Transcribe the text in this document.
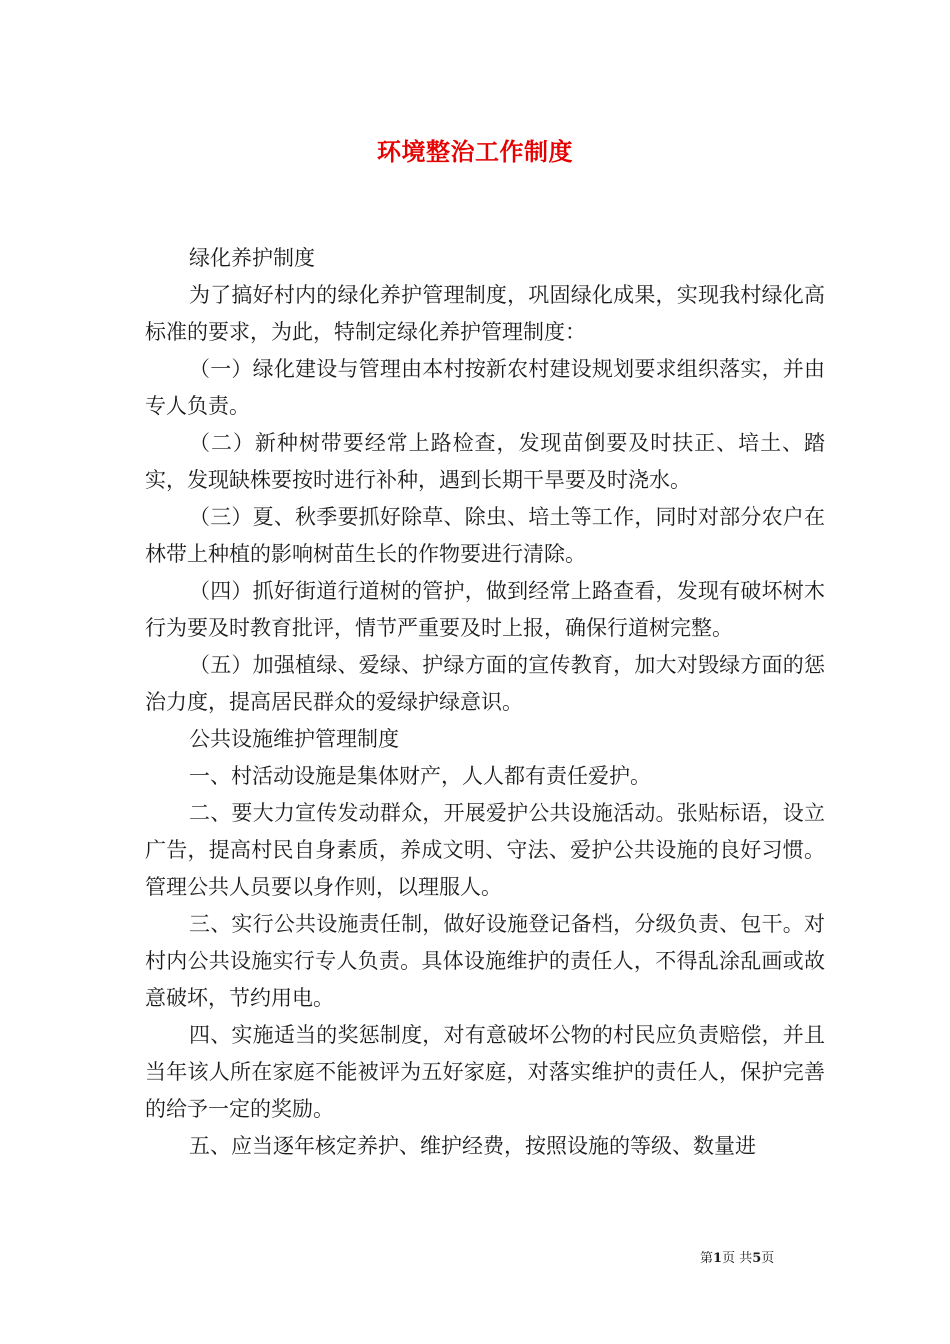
环境整治工作制度

绿化养护制度

为了搞好村内的绿化养护管理制度，巩固绿化成果，实现我村绿化高标准的要求，为此，特制定绿化养护管理制度：

（一）绿化建设与管理由本村按新农村建设规划要求组织落实，并由专人负责。

（二）新种树带要经常上路检查，发现苗倒要及时扶正、培土、踏实，发现缺株要按时进行补种，遇到长期干旱要及时浇水。

（三）夏、秋季要抓好除草、除虫、培土等工作，同时对部分农户在林带上种植的影响树苗生长的作物要进行清除。

（四）抓好街道行道树的管护，做到经常上路查看，发现有破坏树木行为要及时教育批评，情节严重要及时上报，确保行道树完整。

（五）加强植绿、爱绿、护绿方面的宣传教育，加大对毁绿方面的惩治力度，提高居民群众的爱绿护绿意识。

公共设施维护管理制度

一、村活动设施是集体财产，人人都有责任爱护。

二、要大力宣传发动群众，开展爱护公共设施活动。张贴标语，设立广告，提高村民自身素质，养成文明、守法、爱护公共设施的良好习惯。管理公共人员要以身作则，以理服人。

三、实行公共设施责任制，做好设施登记备档，分级负责、包干。对村内公共设施实行专人负责。具体设施维护的责任人，不得乱涂乱画或故意破坏，节约用电。

四、实施适当的奖惩制度，对有意破坏公物的村民应负责赔偿，并且当年该人所在家庭不能被评为五好家庭，对落实维护的责任人，保护完善的给予一定的奖励。

五、应当逐年核定养护、维护经费，按照设施的等级、数量进

第1页 共5页
